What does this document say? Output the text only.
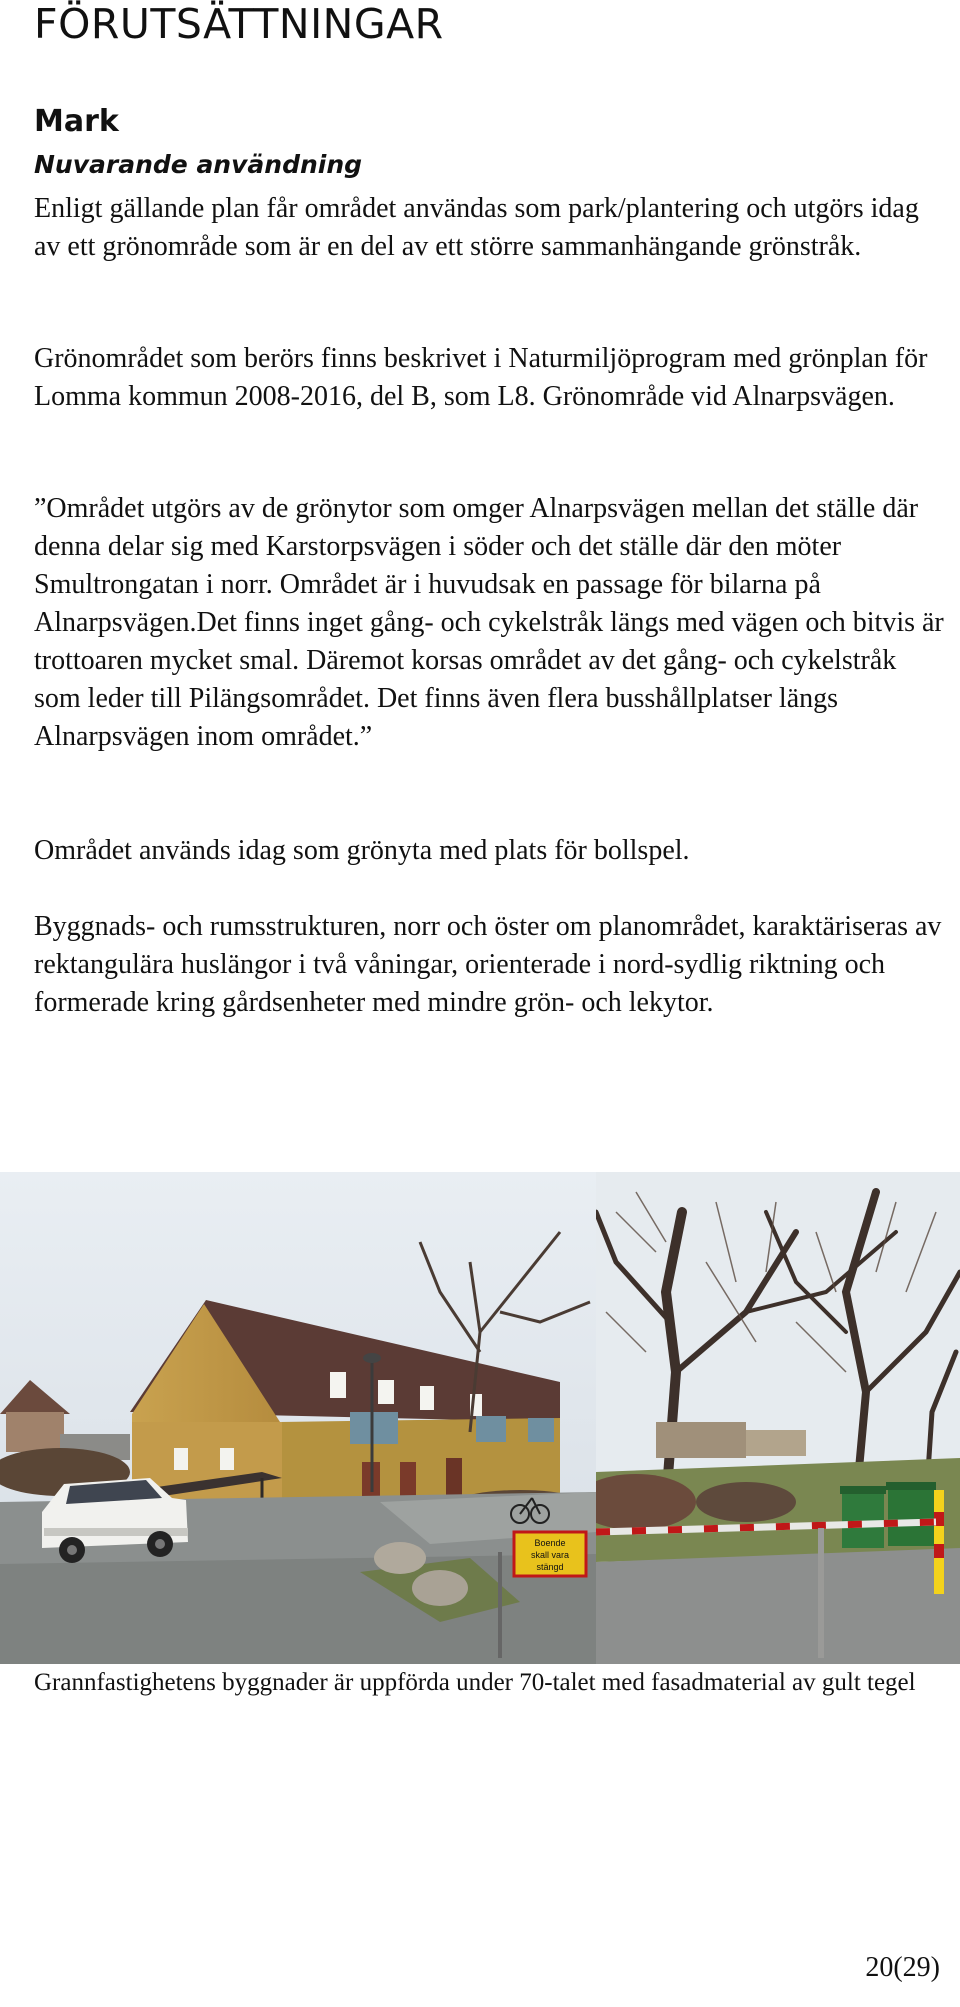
FÖRUTSÄTTNINGAR
Mark
Nuvarande användning

Enligt gällande plan får området användas som park/plantering och utgörs idag av ett grönområde som är en del av ett större sammanhängande grönstråk.

Grönområdet som berörs finns beskrivet i Naturmiljöprogram med grönplan för Lomma kommun 2008-2016, del B, som L8. Grönområde vid Alnarpsvägen.

”Området utgörs av de grönytor som omger Alnarpsvägen mellan det ställe där denna delar sig med Karstorpsvägen i söder och det ställe där den möter Smultrongatan i norr. Området är i huvudsak en passage för bilarna på Alnarpsvägen.Det finns inget gång- och cykelstråk längs med vägen och bitvis är trottoaren mycket smal. Däremot korsas området av det gång- och cykelstråk som leder till Pilängsområdet. Det finns även flera busshållplatser längs Alnarpsvägen inom området.”

Området används idag som grönyta med plats för bollspel.

Byggnads- och rumsstrukturen, norr och öster om planområdet, karaktäriseras av rektangulära huslängor i två våningar, orienterade i nord-sydlig riktning och formerade kring gårdsenheter med mindre grön- och lekytor.

Boende
skall vara
stängd

Grannfastighetens byggnader är uppförda under 70-talet med fasadmaterial av gult tegel

20(29)
